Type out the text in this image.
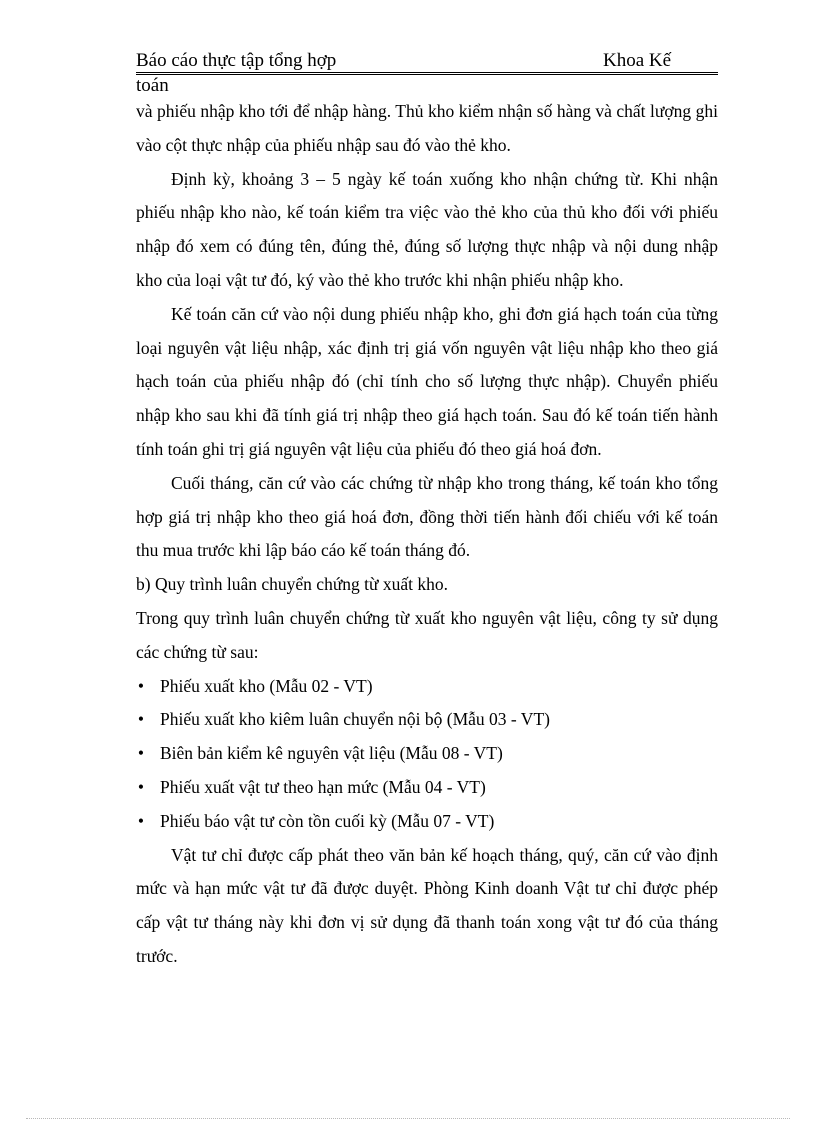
Báo cáo thực tập tổng hợp	Khoa Kế
toán

và phiếu nhập kho tới để nhập hàng. Thủ kho kiểm nhận số hàng và chất lượng ghi vào cột thực nhập của phiếu nhập sau đó vào thẻ kho.

Định kỳ, khoảng 3 – 5 ngày kế toán xuống kho nhận chứng từ. Khi nhận phiếu nhập kho nào, kế toán kiểm tra việc vào thẻ kho của thủ kho đối với phiếu nhập đó xem có đúng tên, đúng thẻ, đúng số lượng thực nhập và nội dung nhập kho của loại vật tư đó, ký vào thẻ kho trước khi nhận phiếu nhập kho.

Kế toán căn cứ vào nội dung phiếu nhập kho, ghi đơn giá hạch toán của từng loại nguyên vật liệu nhập, xác định trị giá vốn nguyên vật liệu nhập kho theo giá hạch toán của phiếu nhập đó (chỉ tính cho số lượng thực nhập). Chuyển phiếu nhập kho sau khi đã tính giá trị nhập theo giá hạch toán. Sau đó kế toán tiến hành tính toán ghi trị giá nguyên vật liệu của phiếu đó theo giá hoá đơn.

Cuối tháng, căn cứ vào các chứng từ nhập kho trong tháng, kế toán kho tổng hợp giá trị nhập kho theo giá hoá đơn, đồng thời tiến hành đối chiếu với kế toán thu mua trước khi lập báo cáo kế toán tháng đó.

b) Quy trình luân chuyển chứng từ xuất kho.

Trong quy trình luân chuyển chứng từ xuất kho nguyên vật liệu, công ty sử dụng các chứng từ sau:

• Phiếu xuất kho (Mẫu 02 - VT)
• Phiếu xuất kho kiêm luân chuyển nội bộ (Mẫu 03 - VT)
• Biên bản kiểm kê nguyên vật liệu (Mẫu 08 - VT)
• Phiếu xuất vật tư theo hạn mức (Mẫu 04 - VT)
• Phiếu báo vật tư còn tồn cuối kỳ (Mẫu 07 - VT)

Vật tư chỉ được cấp phát theo văn bản kế hoạch tháng, quý, căn cứ vào định mức và hạn mức vật tư đã được duyệt. Phòng Kinh doanh Vật tư chỉ được phép cấp vật tư tháng này khi đơn vị sử dụng đã thanh toán xong vật tư đó của tháng trước.
